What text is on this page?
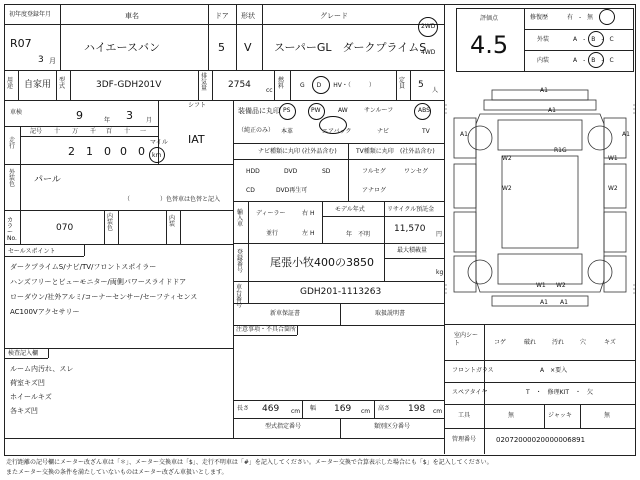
初年度登録年月
R07
3 月
車名
ハイエースバン
ドア
5
形状
V
グレード
スーパーGL　ダークプライムS
2WD
4WD
評価点
4.5
修復歴	有　-　無
外装	A　-　B　-　C
内装	A　-　B　-　C
用途 自家用 型式	3DF-GDH201V
排気量 2754
cc
燃料	G　　D　　HV・（　　　）
定員 5
人
車検	9	年 3 月
シフト
IAT
走行
記号 十 万 千 百 十 一
2 1 0 0 0
マイル
km
外装色 パール
（　　　　　）色替車は色替と記入
カラーNo.
070
内装色
内装
セールスポイント
ダークプライムS/ナビ/TV/フロントスポイラー
ハンズフリーとビューモニター/両側パワースライドドア
ローダウン/社外アルミ/コーナーセンサー/セーフティセンス
AC100Vアクセサリー
検査記入欄
ルーム内汚れ、スレ
荷室キズ凹
ホイールキズ
各キズ凹
装備品に丸印
（純正のみ）
PS	PW	AW	サンルーフ	ABS
本革	エアバック	ナビ	TV
ナビ種類に丸印 (社外品含む)	TV種類に丸印 (社外品含む)
HDD	DVD	SD
CD	DVD再生可
フルセグ	ワンセグ
アナログ
輸入車
ディーラー
並行
右 H
左 H
モデル年式
年　不明
リサイクル預託金
11,570
円
登録番号
尾張小牧400の3850
最大積載量
kg
車台番号
GDH201-1113263
新車保証書	取扱説明書
注意事項・不具合箇所
長さ 469 cm 幅 169 cm 高さ 198 cm
型式指定番号	類別区分番号
A1
A1
W2
W2
W1
W2
R1G
A1	A1
W1 W2
A1 A1
室内シート	コゲ	破れ	汚れ	穴	キズ
フロントガラス	A　×要入
スペアタイヤ	T　・　修理KIT　・　欠
工具	無	ジャッキ	無
管理番号	02072000020000006891
走行距離の記号欄にメーター改ざん車は「＊」、メーター交換車は「$」、走行不明車は「#」を記入してください。メーター交換で合算表示した場合にも「$」を記入してください。
またメーター交換の条件を満たしていないものはメーター改ざん車扱いとします。
